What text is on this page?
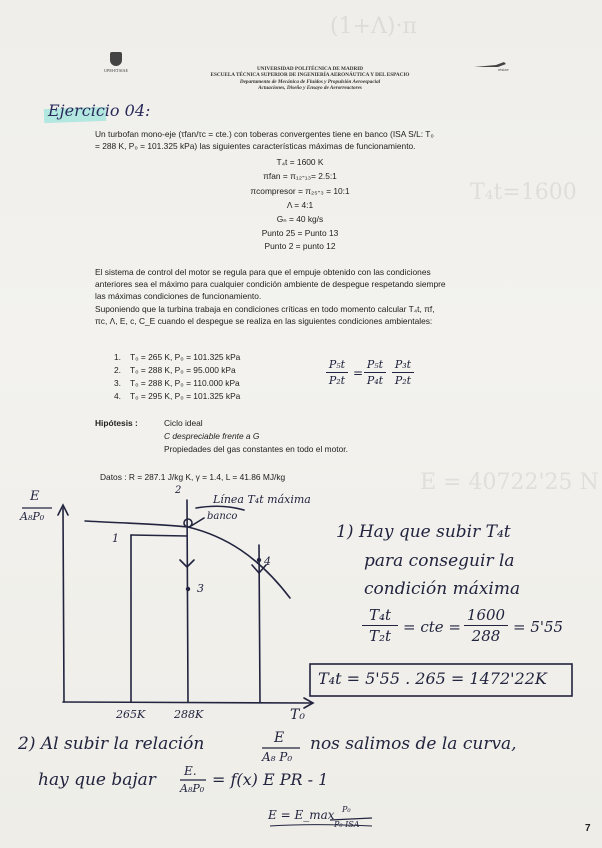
(1+Λ)·π
T₄t=1600
E = 40722'25 N
UPM-ETSIAE	etsiae
UNIVERSIDAD POLITÉCNICA DE MADRID
ESCUELA TÉCNICA SUPERIOR DE INGENIERÍA AERONÁUTICA Y DEL ESPACIO
Departamento de Mecánica de Fluidos y Propulsión Aeroespacial
Actuaciones, Diseño y Ensayo de Aerorreactores
Ejercicio 04:
Un turbofan mono-eje (τfan/τc = cte.) con toberas convergentes tiene en banco (ISA S/L: T₀
= 288 K, P₀ = 101.325 kPa) las siguientes características máximas de funcionamiento.
T₄t = 1600 K
πfan = π₁₂-₁₃= 2.5:1
πcompresor = π₂₅-₃ = 10:1
Λ = 4:1
Gₙ = 40 kg/s
Punto 25 = Punto 13
Punto 2 = punto 12
El sistema de control del motor se regula para que el empuje obtenido con las condiciones
anteriores sea el máximo para cualquier condición ambiente de despegue respetando siempre
las máximas condiciones de funcionamiento.
Suponiendo que la turbina trabaja en condiciones críticas en todo momento calcular T₄t, πf,
πc, Λ, E, c, C_E cuando el despegue se realiza en las siguientes condiciones ambientales:
1. T₀ = 265 K, P₀ = 101.325 kPa
2. T₀ = 288 K, P₀ = 95.000 kPa
3. T₀ = 288 K, P₀ = 110.000 kPa
4. T₀ = 295 K, P₀ = 101.325 kPa
Hipótesis :	Ciclo ideal
C despreciable frente a G
Propiedades del gas constantes en todo el motor.
Datos : R = 287.1 J/kg K, γ = 1.4, L = 41.86 MJ/kg
P₅t
P₂t
=
P₅t
P₄t
P₃t
P₂t
E
A₈P₀
T₀
265K	288K
Línea T₄t máxima
banco
2
1
3
4
1) Hay que subir T₄t
para conseguir la
condición máxima
T₄t
T₂t = cte =
1600
288 = 5'55
T₄t = 5'55 . 265 = 1472'22K
2) Al subir la relación	E
A₈ P₀
nos salimos de la curva,
hay que bajar E.
A₈P₀ = f(x) E PR - 1
E = E_max P₀
P₀ ISA	7
